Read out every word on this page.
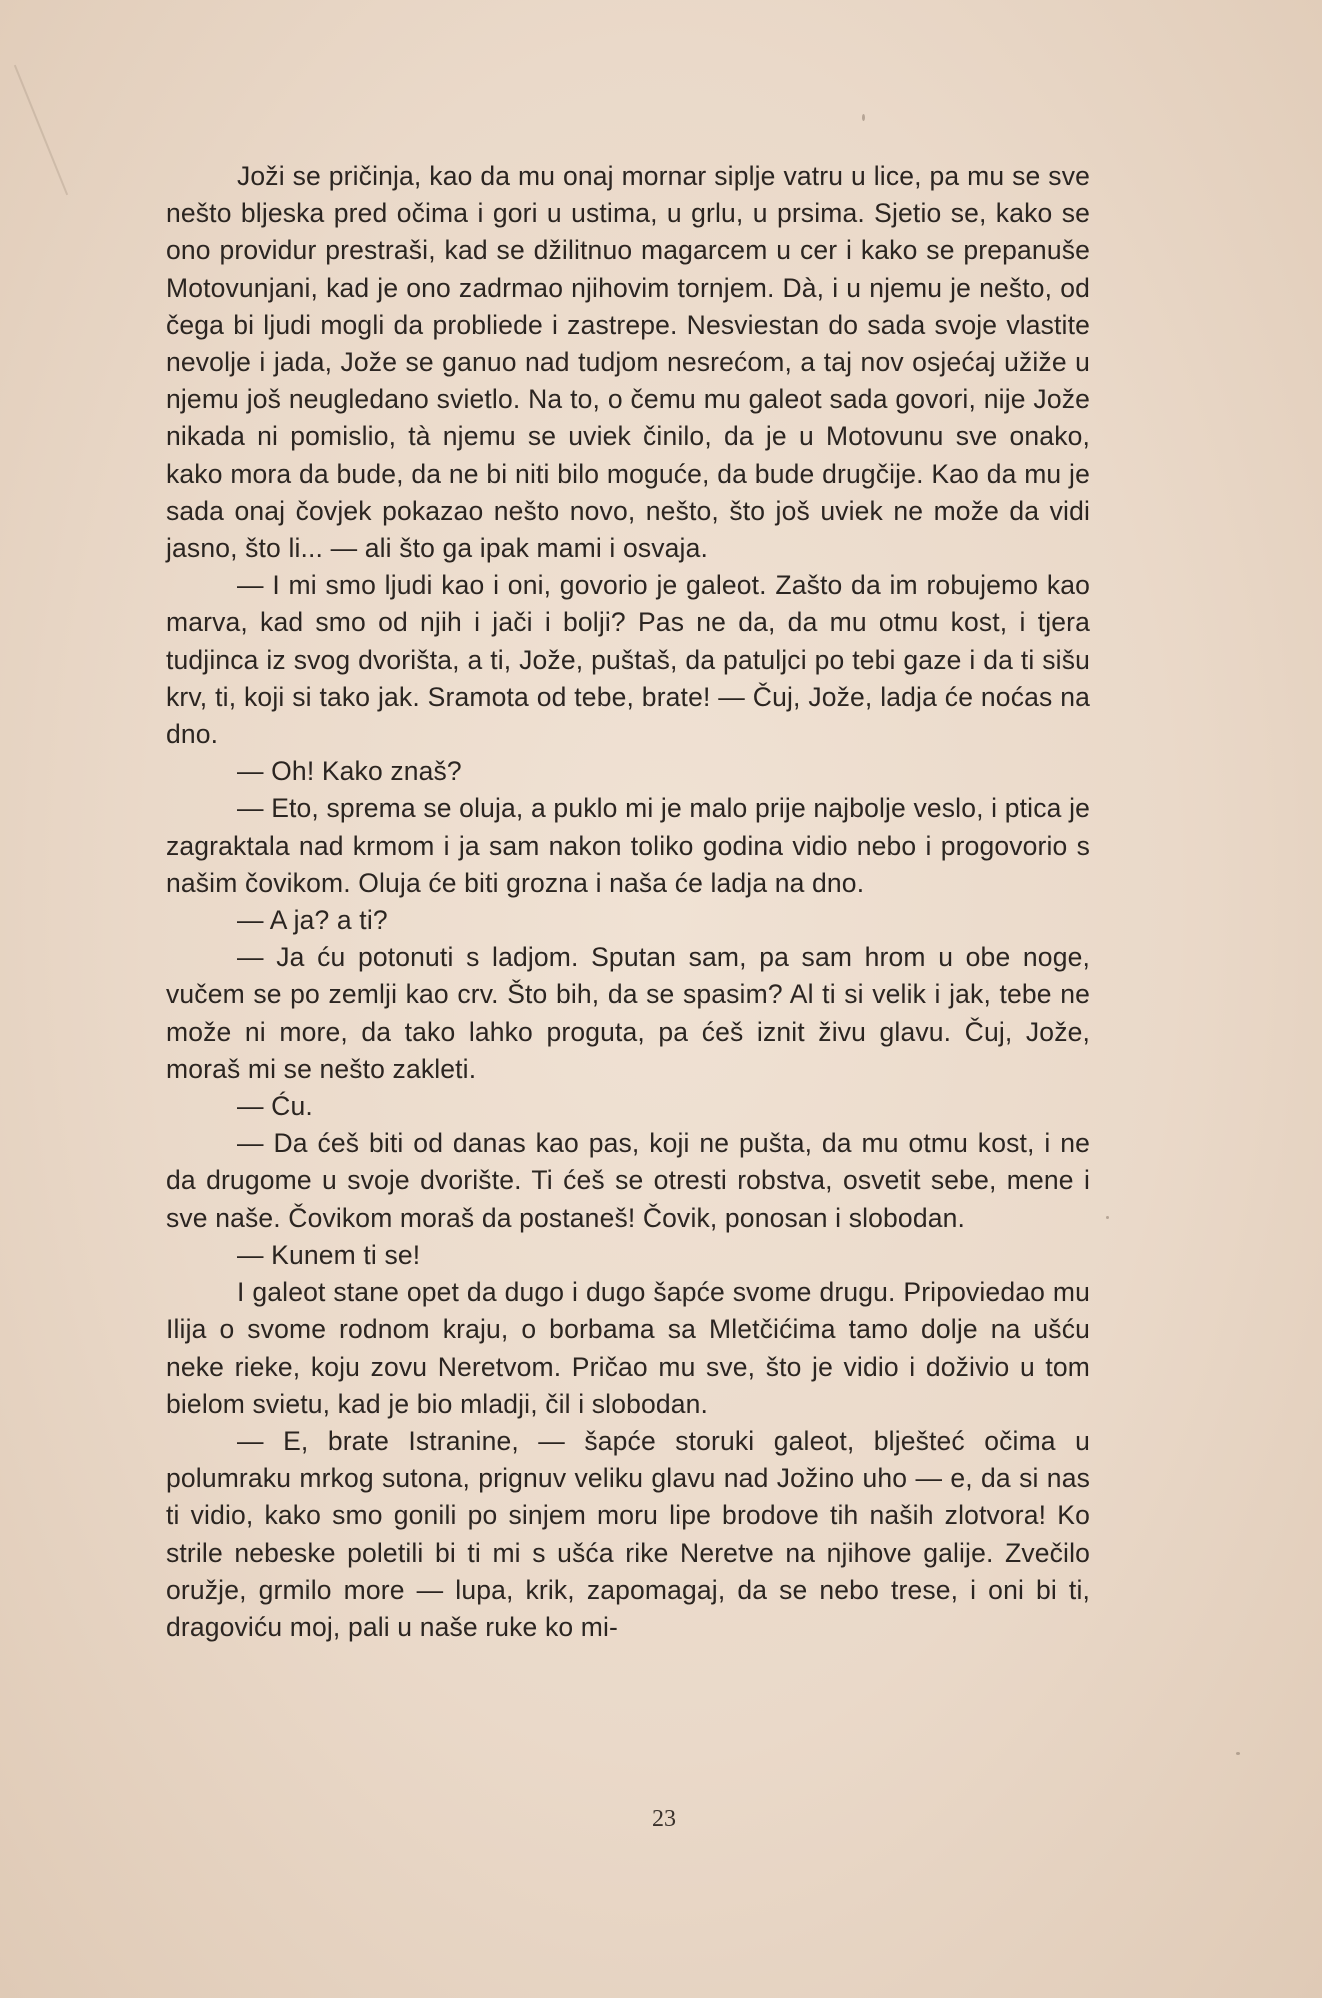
Joži se pričinja, kao da mu onaj mornar siplje vatru u lice, pa mu se sve nešto bljeska pred očima i gori u ustima, u grlu, u prsima. Sjetio se, kako se ono providur prestraši, kad se džilitnuo magarcem u cer i kako se prepanuše Motovunjani, kad je ono zadrmao njihovim tornjem. Dà, i u njemu je nešto, od čega bi ljudi mogli da probliede i zastrepe. Nesviestan do sada svoje vlastite nevolje i jada, Jože se ganuo nad tudjom nesrećom, a taj nov osjećaj užiže u njemu još neugledano svietlo. Na to, o čemu mu galeot sada govori, nije Jože nikada ni pomislio, tà njemu se uviek činilo, da je u Motovunu sve onako, kako mora da bude, da ne bi niti bilo moguće, da bude drugčije. Kao da mu je sada onaj čovjek pokazao nešto novo, nešto, što još uviek ne može da vidi jasno, što li... — ali što ga ipak mami i osvaja.

— I mi smo ljudi kao i oni, govorio je galeot. Zašto da im robujemo kao marva, kad smo od njih i jači i bolji? Pas ne da, da mu otmu kost, i tjera tudjinca iz svog dvorišta, a ti, Jože, puštaš, da patuljci po tebi gaze i da ti sišu krv, ti, koji si tako jak. Sramota od tebe, brate! — Čuj, Jože, ladja će noćas na dno.

— Oh! Kako znaš?

— Eto, sprema se oluja, a puklo mi je malo prije najbolje veslo, i ptica je zagraktala nad krmom i ja sam nakon toliko godina vidio nebo i progovorio s našim čovikom. Oluja će biti grozna i naša će ladja na dno.

— A ja? a ti?

— Ja ću potonuti s ladjom. Sputan sam, pa sam hrom u obe noge, vučem se po zemlji kao crv. Što bih, da se spasim? Al ti si velik i jak, tebe ne može ni more, da tako lahko proguta, pa ćeš iznit živu glavu. Čuj, Jože, moraš mi se nešto zakleti.

— Ću.

— Da ćeš biti od danas kao pas, koji ne pušta, da mu otmu kost, i ne da drugome u svoje dvorište. Ti ćeš se otresti robstva, osvetit sebe, mene i sve naše. Čovikom moraš da postaneš! Čovik, ponosan i slobodan.

— Kunem ti se!

I galeot stane opet da dugo i dugo šapće svome drugu. Pripoviedao mu Ilija o svome rodnom kraju, o borbama sa Mletčićima tamo dolje na ušću neke rieke, koju zovu Neretvom. Pričao mu sve, što je vidio i doživio u tom bielom svietu, kad je bio mladji, čil i slobodan.

— E, brate Istranine, — šapće storuki galeot, blješteć očima u polumraku mrkog sutona, prignuv veliku glavu nad Jožino uho — e, da si nas ti vidio, kako smo gonili po sinjem moru lipe brodove tih naših zlotvora! Ko strile nebeske poletili bi ti mi s ušća rike Neretve na njihove galije. Zvečilo oružje, grmilo more — lupa, krik, zapomagaj, da se nebo trese, i oni bi ti, dragoviću moj, pali u naše ruke ko mi-

23
